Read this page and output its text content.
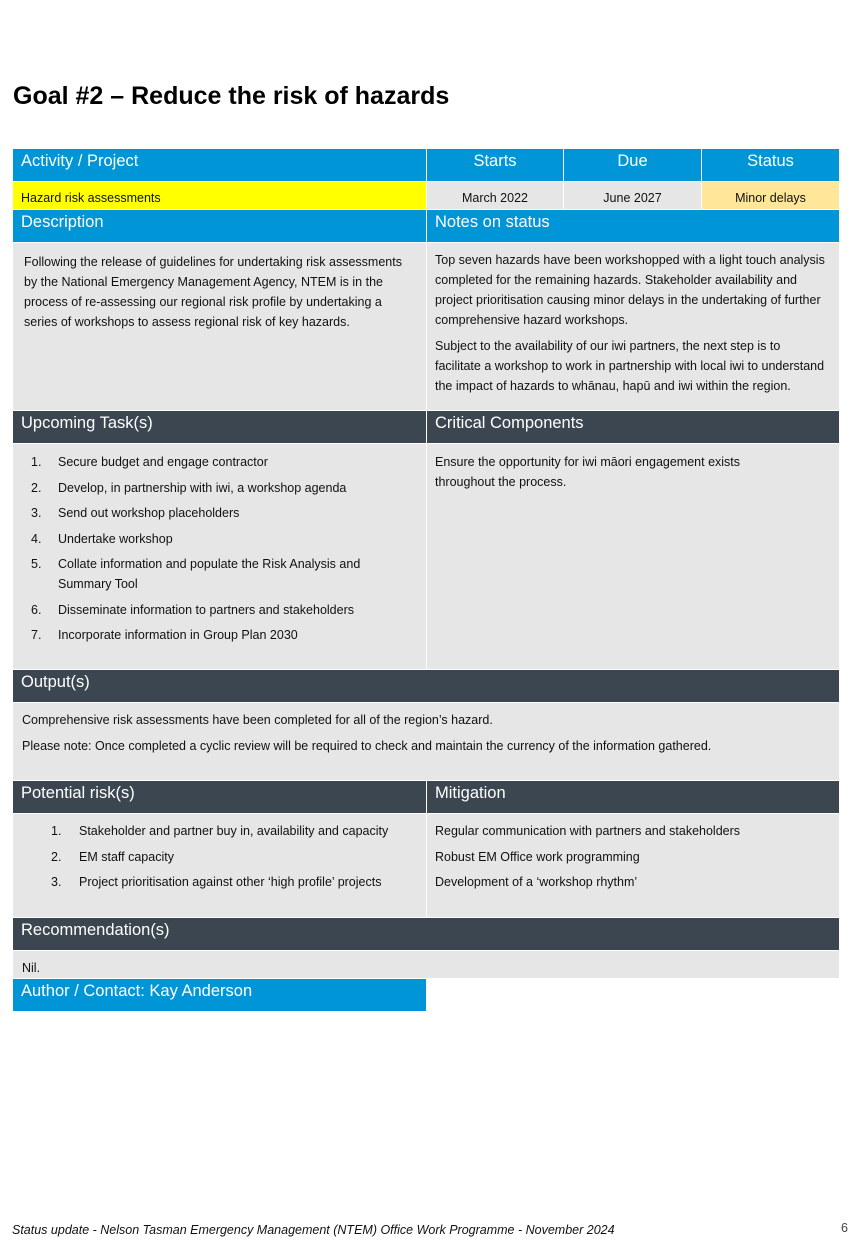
Goal #2 – Reduce the risk of hazards
Activity / Project	Starts	Due	Status
Hazard risk assessments	March 2022	June 2027	Minor delays
Description	Notes on status

Following the release of guidelines for undertaking risk assessments by the National Emergency Management Agency, NTEM is in the process of re-assessing our regional risk profile by undertaking a series of workshops to assess regional risk of key hazards.

Top seven hazards have been workshopped with a light touch analysis completed for the remaining hazards. Stakeholder availability and project prioritisation causing minor delays in the undertaking of further comprehensive hazard workshops.

Subject to the availability of our iwi partners, the next step is to facilitate a workshop to work in partnership with local iwi to understand the impact of hazards to whānau, hapū and iwi within the region.

Upcoming Task(s)	Critical Components
1.	Secure budget and engage contractor
2.	Develop, in partnership with iwi, a workshop agenda
3.	Send out workshop placeholders
4.	Undertake workshop
5.	Collate information and populate the Risk Analysis and Summary Tool
6.	Disseminate information to partners and stakeholders
7.	Incorporate information in Group Plan 2030

Ensure the opportunity for iwi māori engagement exists throughout the process.

Output(s)

Comprehensive risk assessments have been completed for all of the region’s hazard.

Please note: Once completed a cyclic review will be required to check and maintain the currency of the information gathered.

Potential risk(s)	Mitigation
1.	Stakeholder and partner buy in, availability and capacity
2.	EM staff capacity
3.	Project prioritisation against other ‘high profile’ projects

Regular communication with partners and stakeholders

Robust EM Office work programming

Development of a ‘workshop rhythm’

Recommendation(s)
Nil.
Author / Contact: Kay Anderson
Status update - Nelson Tasman Emergency Management (NTEM) Office Work Programme - November 2024	6
